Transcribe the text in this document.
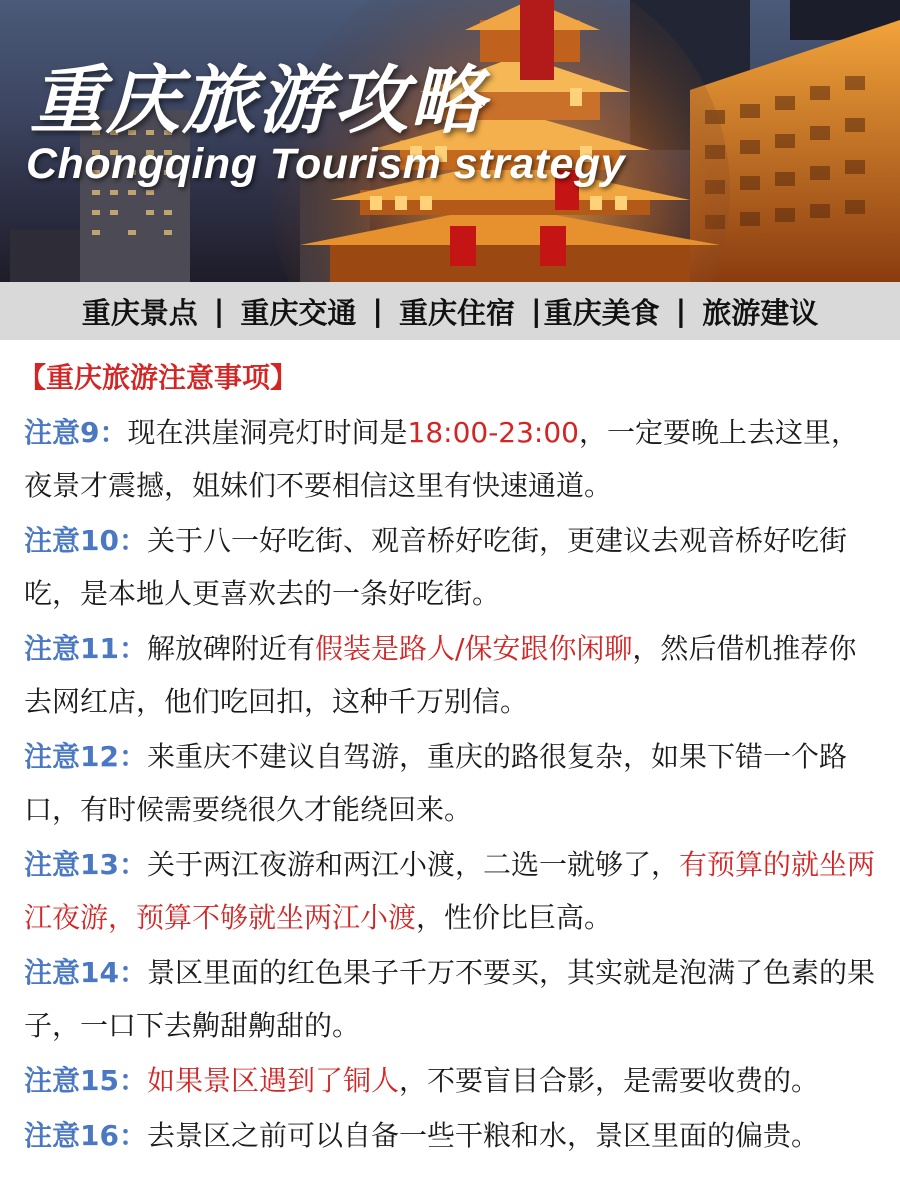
重庆旅游攻略
Chongqing Tourism strategy
重庆景点 | 重庆交通 | 重庆住宿 | 重庆美食 | 旅游建议
【重庆旅游注意事项】
注意9：现在洪崖洞亮灯时间是18:00-23:00，一定要晚上去这里，夜景才震撼，姐妹们不要相信这里有快速通道。
注意10：关于八一好吃街、观音桥好吃街，更建议去观音桥好吃街吃，是本地人更喜欢去的一条好吃街。
注意11：解放碑附近有假装是路人/保安跟你闲聊，然后借机推荐你去网红店，他们吃回扣，这种千万别信。
注意12：来重庆不建议自驾游，重庆的路很复杂，如果下错一个路口，有时候需要绕很久才能绕回来。
注意13：关于两江夜游和两江小渡，二选一就够了，有预算的就坐两江夜游，预算不够就坐两江小渡，性价比巨高。
注意14：景区里面的红色果子千万不要买，其实就是泡满了色素的果子，一口下去齁甜齁甜的。
注意15：如果景区遇到了铜人，不要盲目合影，是需要收费的。
注意16：去景区之前可以自备一些干粮和水，景区里面的偏贵。
